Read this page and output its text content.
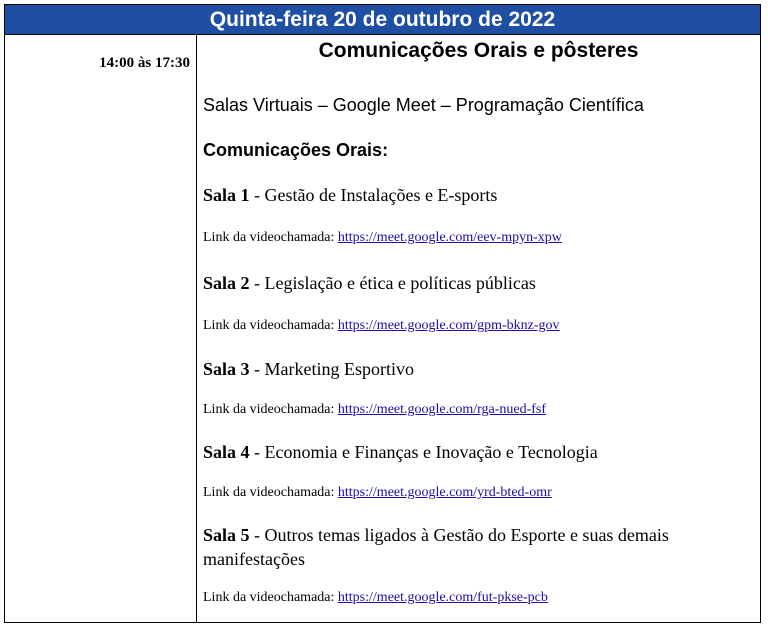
Quinta-feira 20 de outubro de 2022
14:00 às 17:30
Comunicações Orais e pôsteres
Salas Virtuais – Google Meet – Programação Científica
Comunicações Orais:
Sala 1 - Gestão de Instalações e E-sports
Link da videochamada: https://meet.google.com/eev-mpyn-xpw
Sala 2 - Legislação e ética e políticas públicas
Link da videochamada: https://meet.google.com/gpm-bknz-gov
Sala 3 - Marketing Esportivo
Link da videochamada: https://meet.google.com/rga-nued-fsf
Sala 4 - Economia e Finanças e Inovação e Tecnologia
Link da videochamada: https://meet.google.com/yrd-bted-omr
Sala 5 - Outros temas ligados à Gestão do Esporte e suas demais manifestações
Link da videochamada: https://meet.google.com/fut-pkse-pcb
